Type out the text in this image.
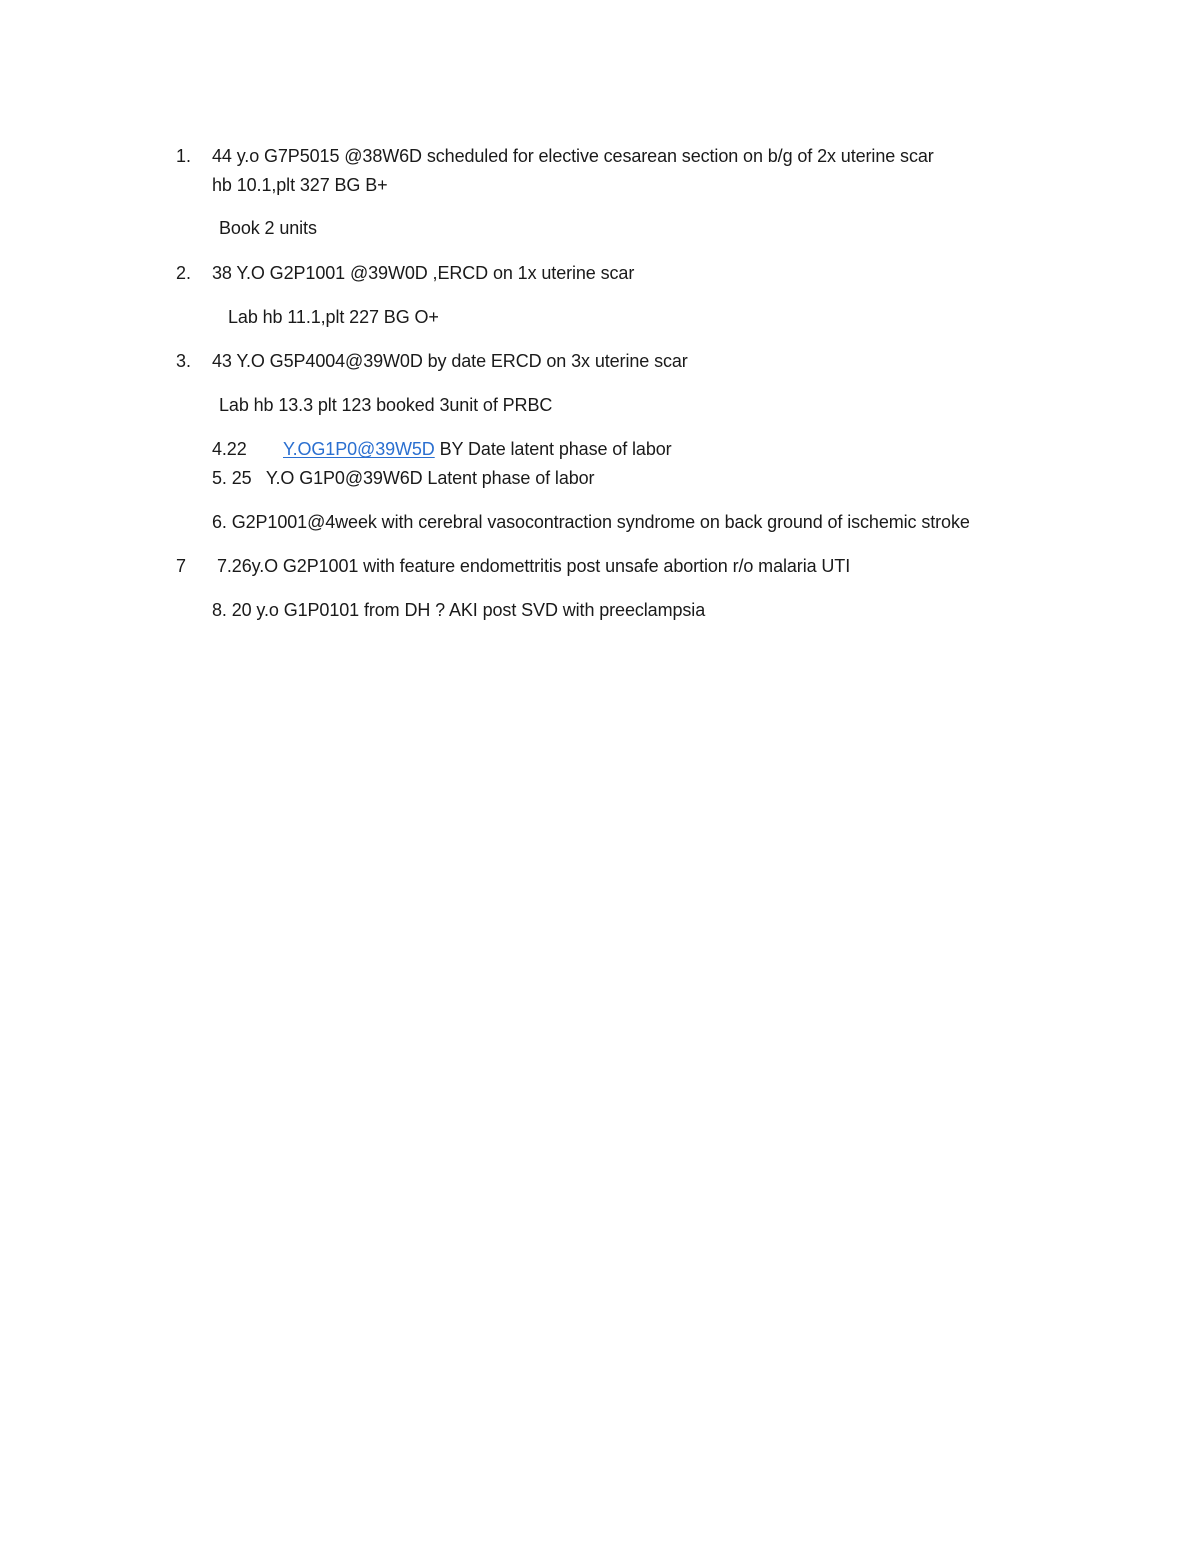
1. 44 y.o G7P5015 @38W6D scheduled for elective cesarean section on b/g of 2x uterine scar
hb 10.1,plt 327 BG B+
Book 2 units
2. 38 Y.O G2P1001 @39W0D ,ERCD on 1x uterine scar
Lab hb 11.1,plt 227 BG O+
3. 43 Y.O G5P4004@39W0D by date ERCD on 3x uterine scar
Lab hb 13.3 plt 123 booked 3unit of PRBC
4.22 Y.OG1P0@39W5D BY Date latent phase of labor
5. 25   Y.O G1P0@39W6D Latent phase of labor
6. G2P1001@4week with cerebral vasocontraction syndrome on back ground of ischemic stroke
7 7.26y.O G2P1001 with feature endomettritis post unsafe abortion r/o malaria UTI
8. 20 y.o G1P0101 from DH ? AKI post SVD with preeclampsia
